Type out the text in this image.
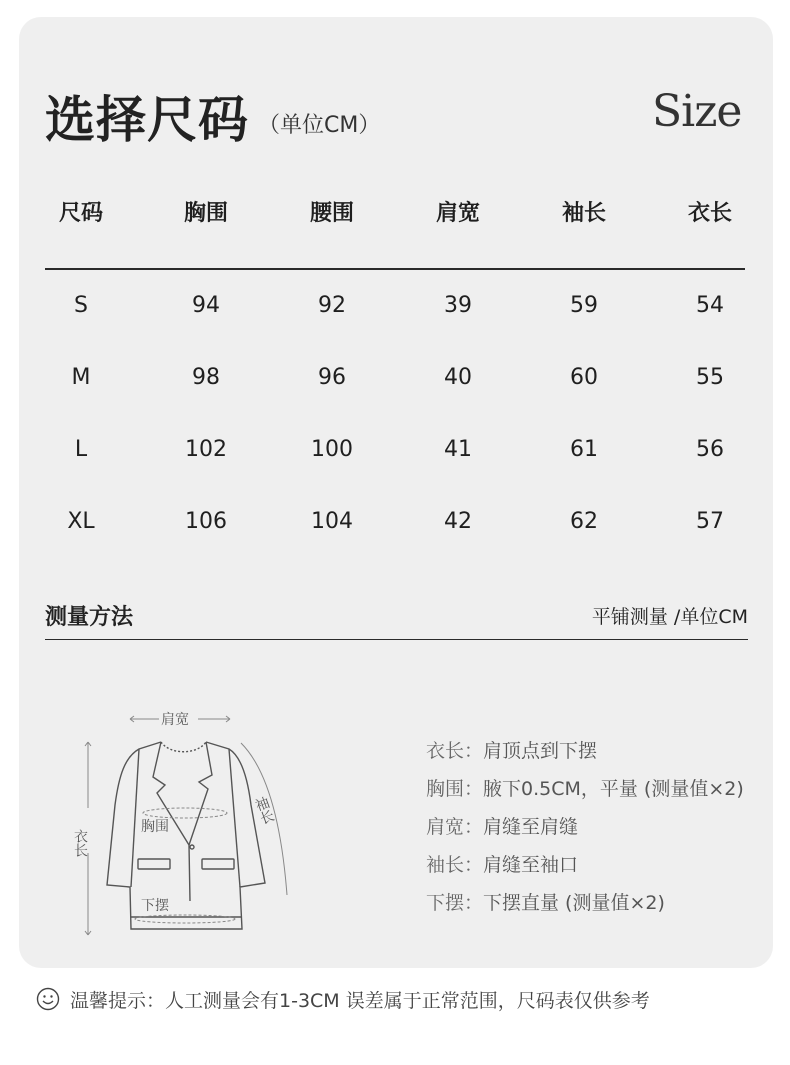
选择尺码 （单位CM）	Size
尺码	胸围	腰围	肩宽	袖长	衣长
S	94	92	39	59	54
M	98	96	40	60	55
L	102	100	41	61	56
XL	106	104	42	62	57
测量方法	平铺测量 /单位CM
肩宽
胸围
下摆
衣长
袖长
衣长：肩顶点到下摆
胸围：腋下0.5CM，平量 (测量值×2)
肩宽：肩缝至肩缝
袖长：肩缝至袖口
下摆：下摆直量 (测量值×2)
温馨提示：人工测量会有1-3CM 误差属于正常范围，尺码表仅供参考
